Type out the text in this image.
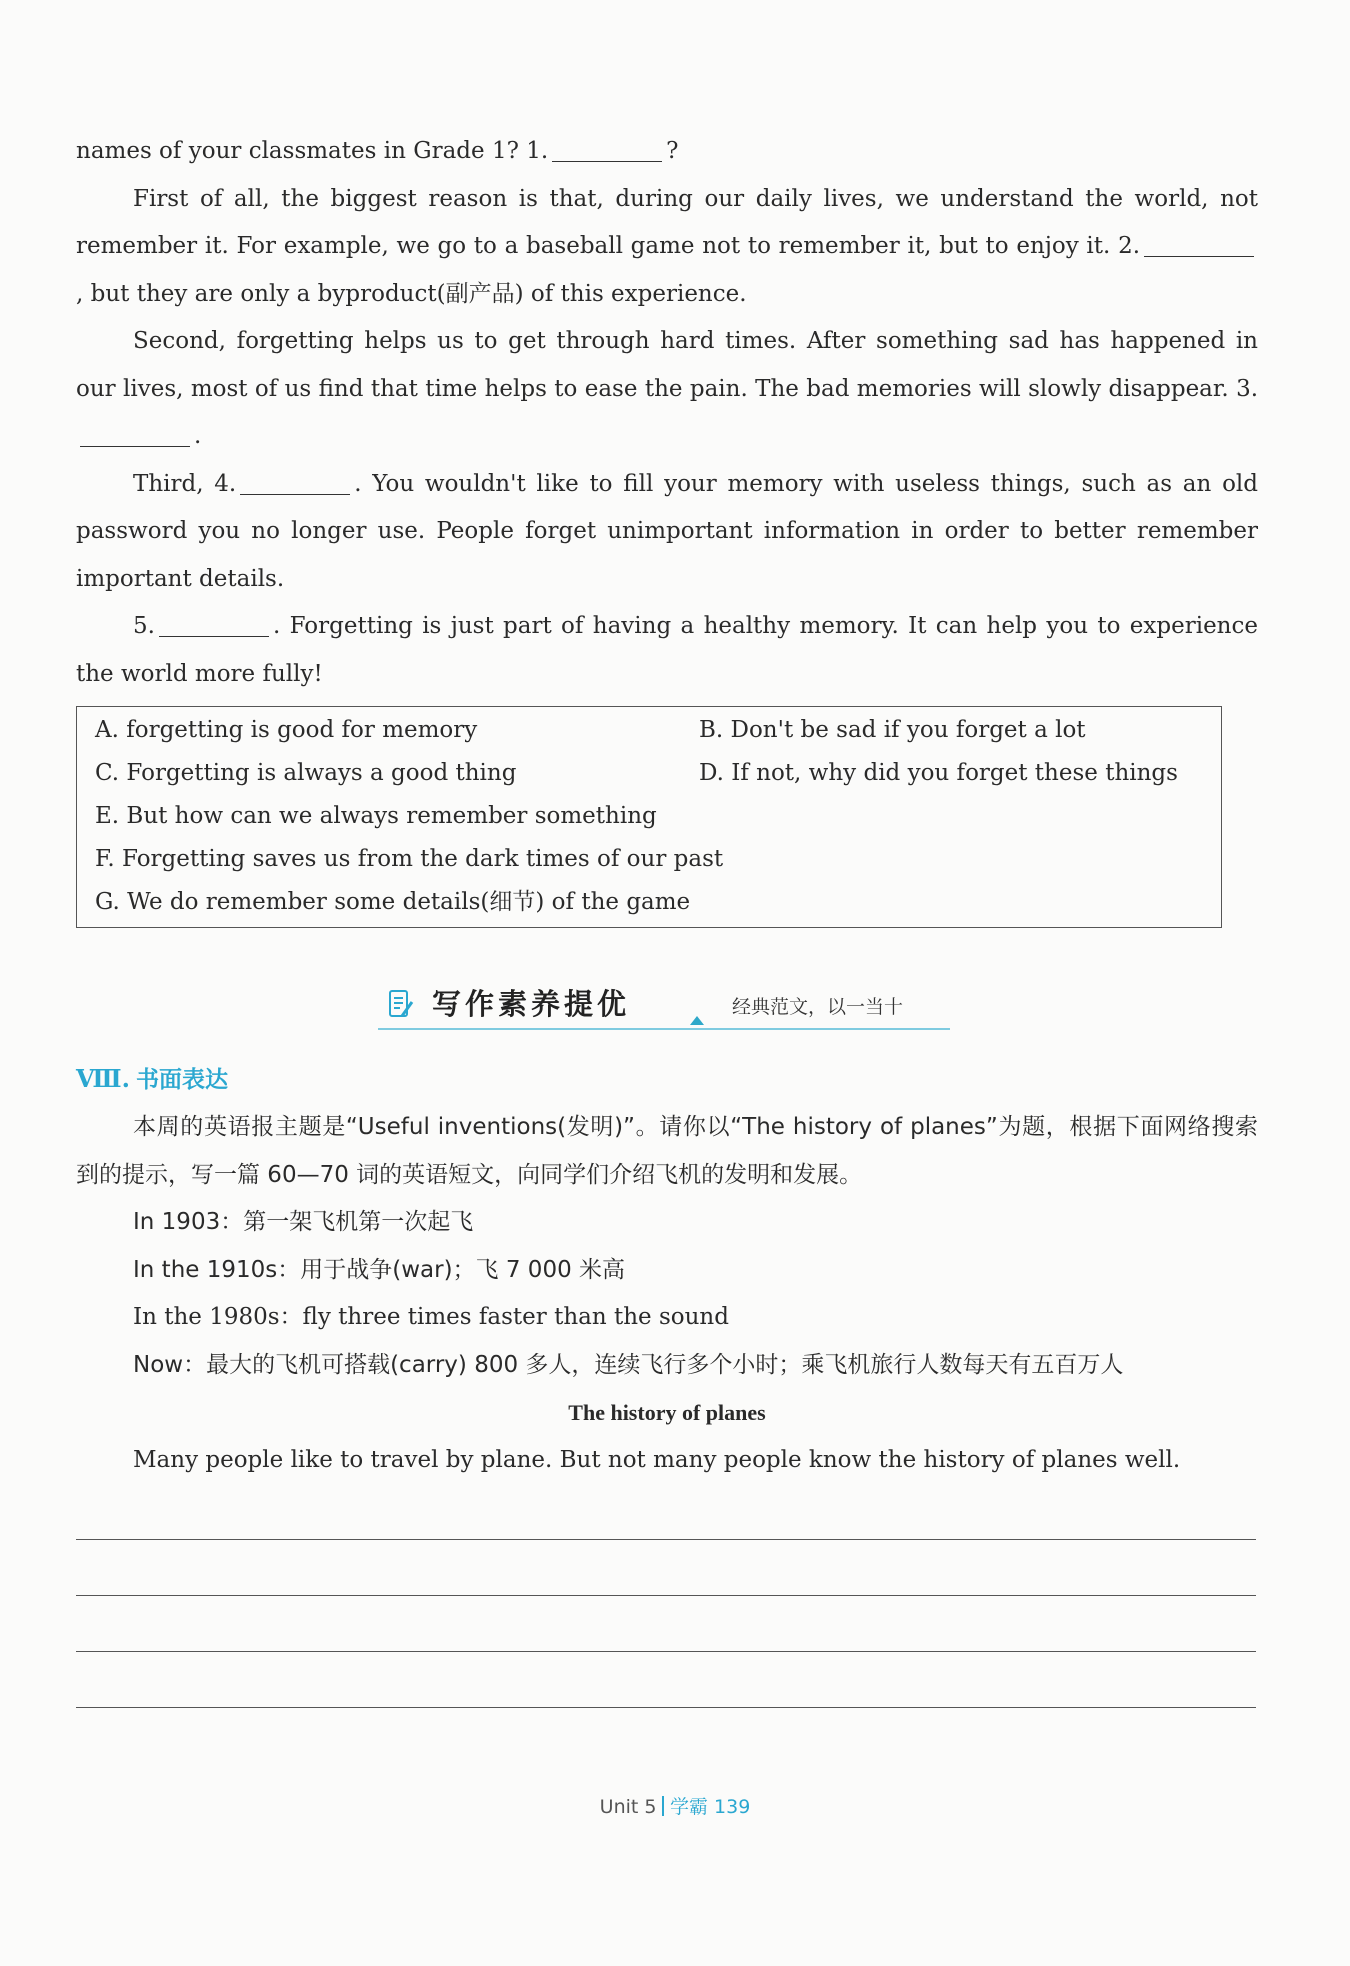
names of your classmates in Grade 1? 1.	?

First of all, the biggest reason is that, during our daily lives, we understand the world, not remember it. For example, we go to a baseball game not to remember it, but to enjoy it. 2., but they are only a byproduct(副产品) of this experience.

Second, forgetting helps us to get through hard times. After something sad has happened in our lives, most of us find that time helps to ease the pain. The bad memories will slowly disappear. 3..

Third, 4.	. You wouldn't like to fill your memory with useless things, such as an old password you no longer use. People forget unimportant information in order to better remember important details.

5.	. Forgetting is just part of having a healthy memory. It can help you to experience the world more fully!

A. forgetting is good for memory	B. Don't be sad if you forget a lot
C. Forgetting is always a good thing	D. If not, why did you forget these things
E. But how can we always remember something
F. Forgetting saves us from the dark times of our past
G. We do remember some details(细节) of the game
写作素养提优	经典范文，以一当十
Ⅷ. 书面表达

本周的英语报主题是“Useful inventions(发明)”。请你以“The history of planes”为题，根据下面网络搜索到的提示，写一篇 60—70 词的英语短文，向同学们介绍飞机的发明和发展。

In 1903：第一架飞机第一次起飞

In the 1910s：用于战争(war)；飞 7 000 米高

In the 1980s：fly three times faster than the sound

Now：最大的飞机可搭载(carry) 800 多人，连续飞行多个小时；乘飞机旅行人数每天有五百万人

The history of planes

Many people like to travel by plane. But not many people know the history of planes well.

Unit 5 学霸 139
